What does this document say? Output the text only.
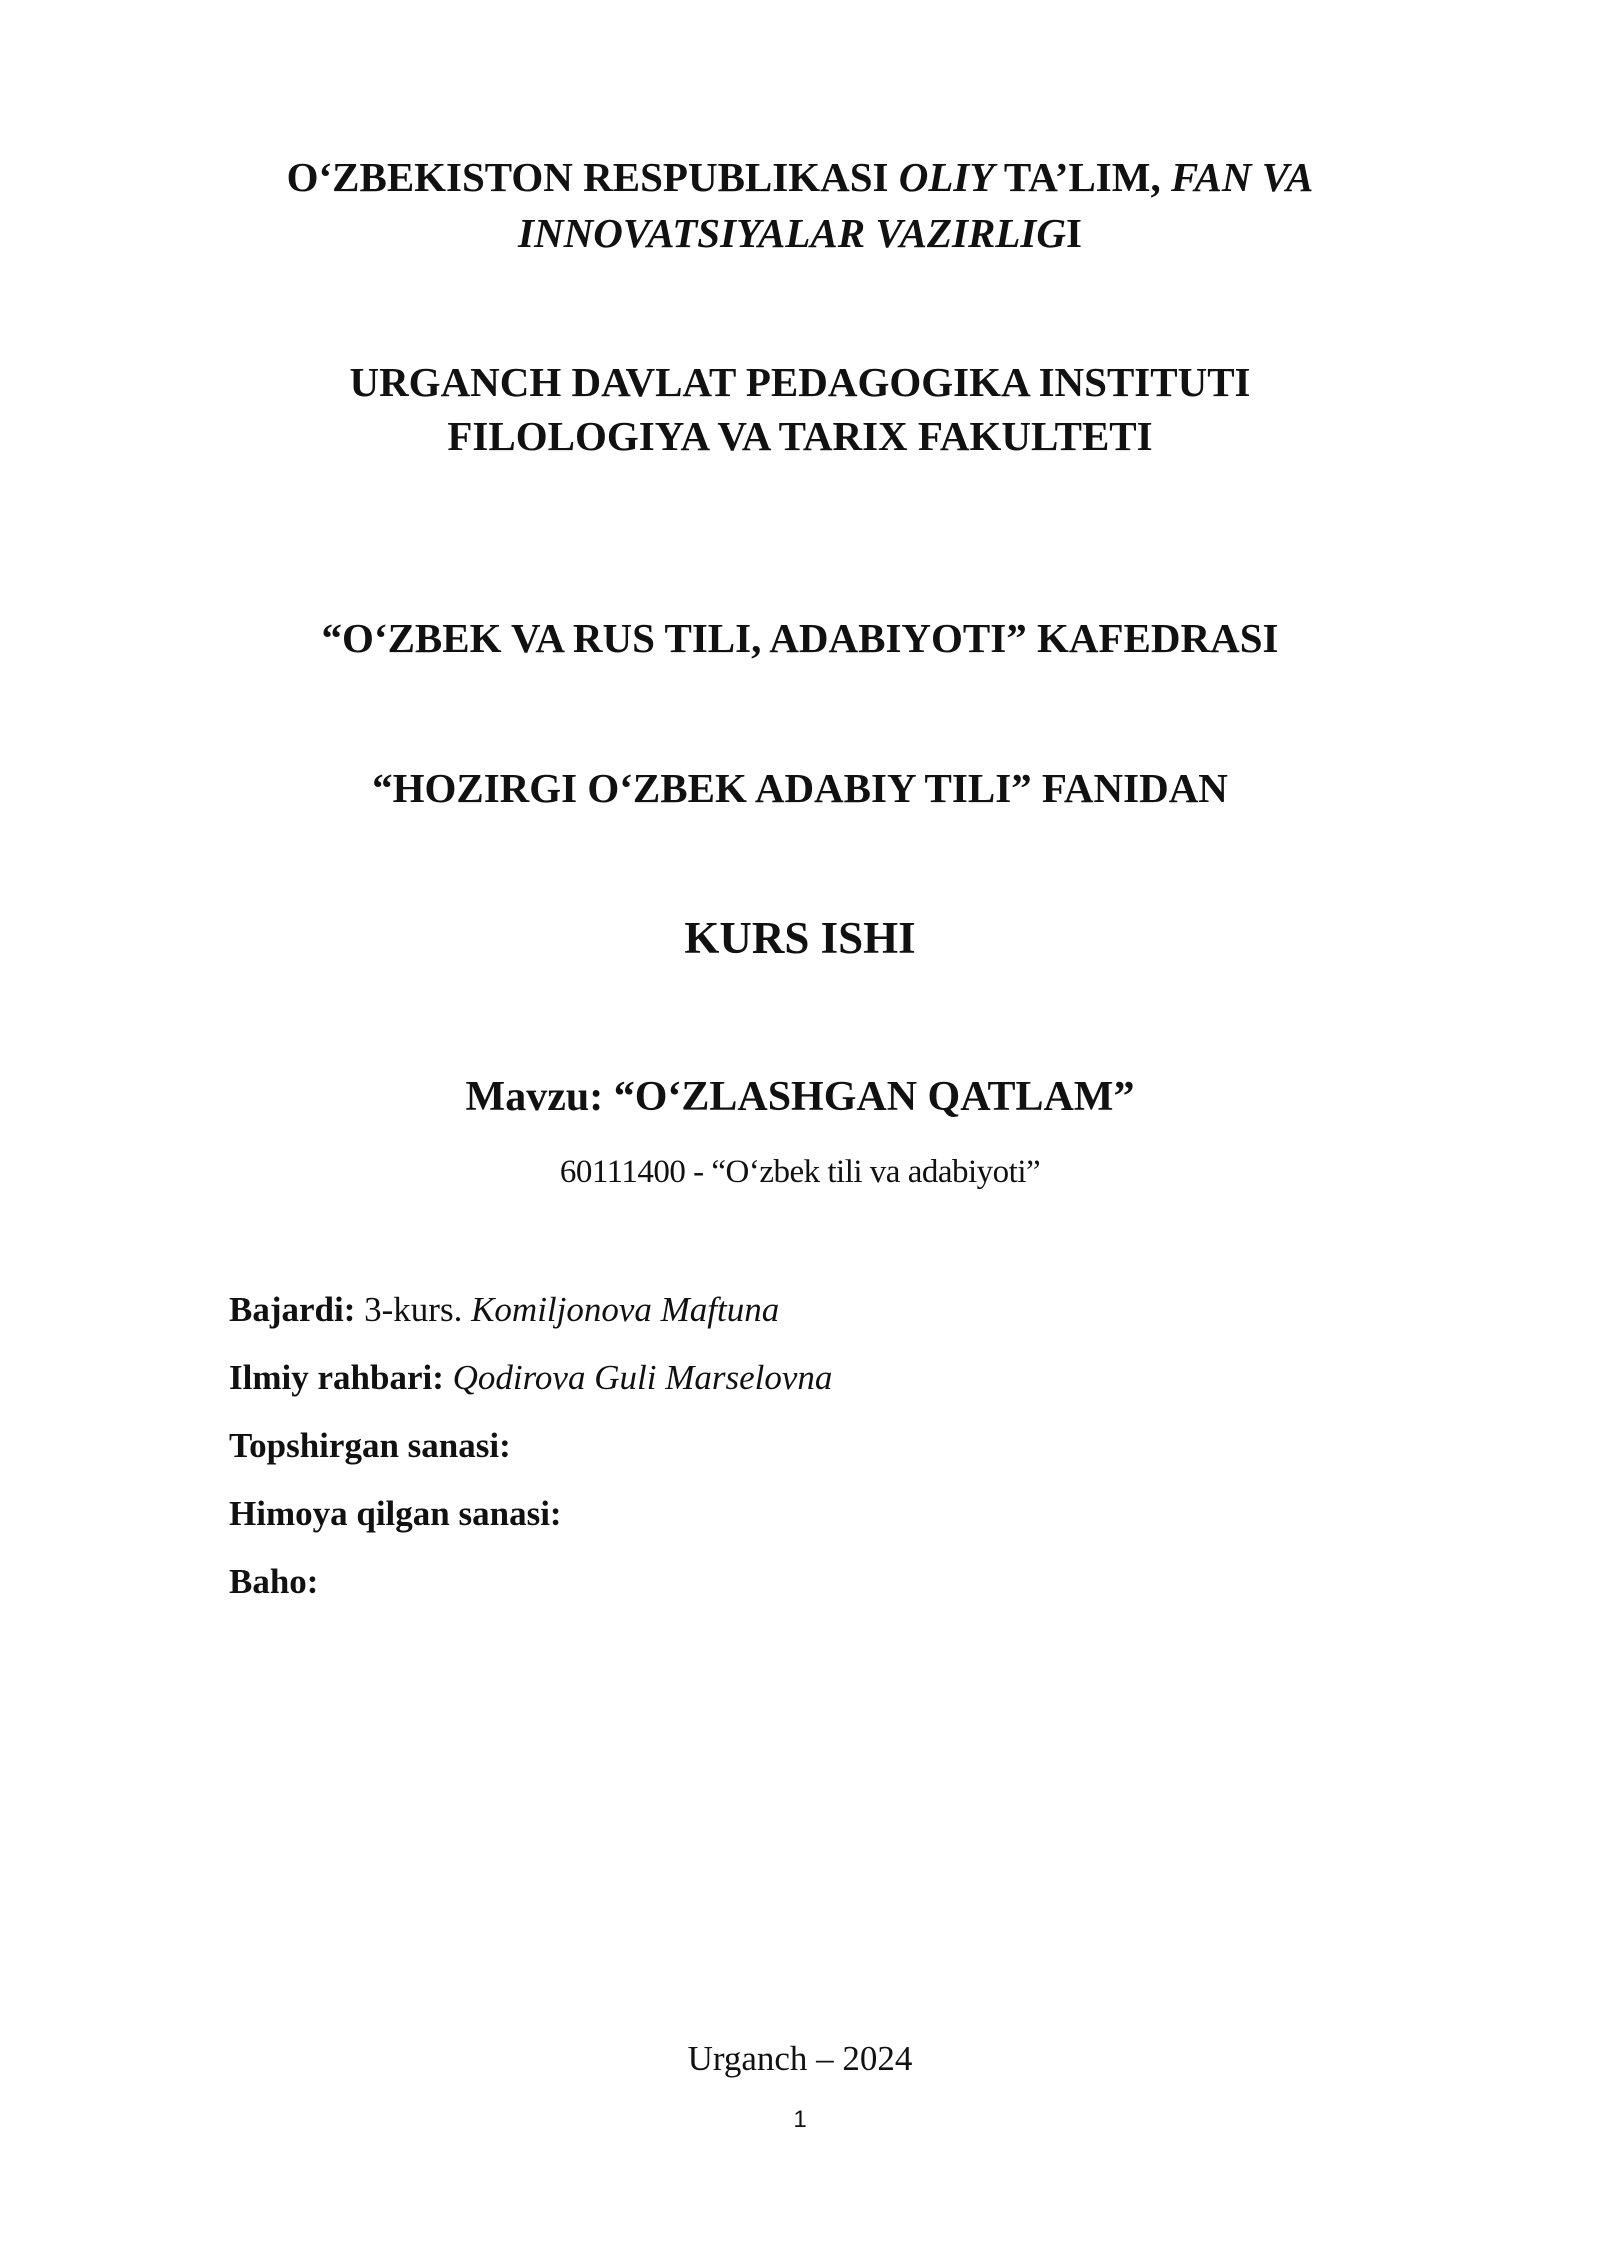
O‘ZBEKISTON RESPUBLIKASI OLIY TA’LIM, FAN VA
INNOVATSIYALAR VAZIRLIGI
URGANCH DAVLAT PEDAGOGIKA INSTITUTI
FILOLOGIYA VA TARIX FAKULTETI
“O‘ZBEK VA RUS TILI, ADABIYOTI” KAFEDRASI
“HOZIRGI O‘ZBEK ADABIY TILI” FANIDAN
KURS ISHI
Mavzu: “O‘ZLASHGAN QATLAM”
60111400 - “O‘zbek tili va adabiyoti”
Bajardi: 3-kurs. Komiljonova Maftuna
Ilmiy rahbari: Qodirova Guli Marselovna
Topshirgan sanasi:
Himoya qilgan sanasi:
Baho:
Urganch – 2024
1
